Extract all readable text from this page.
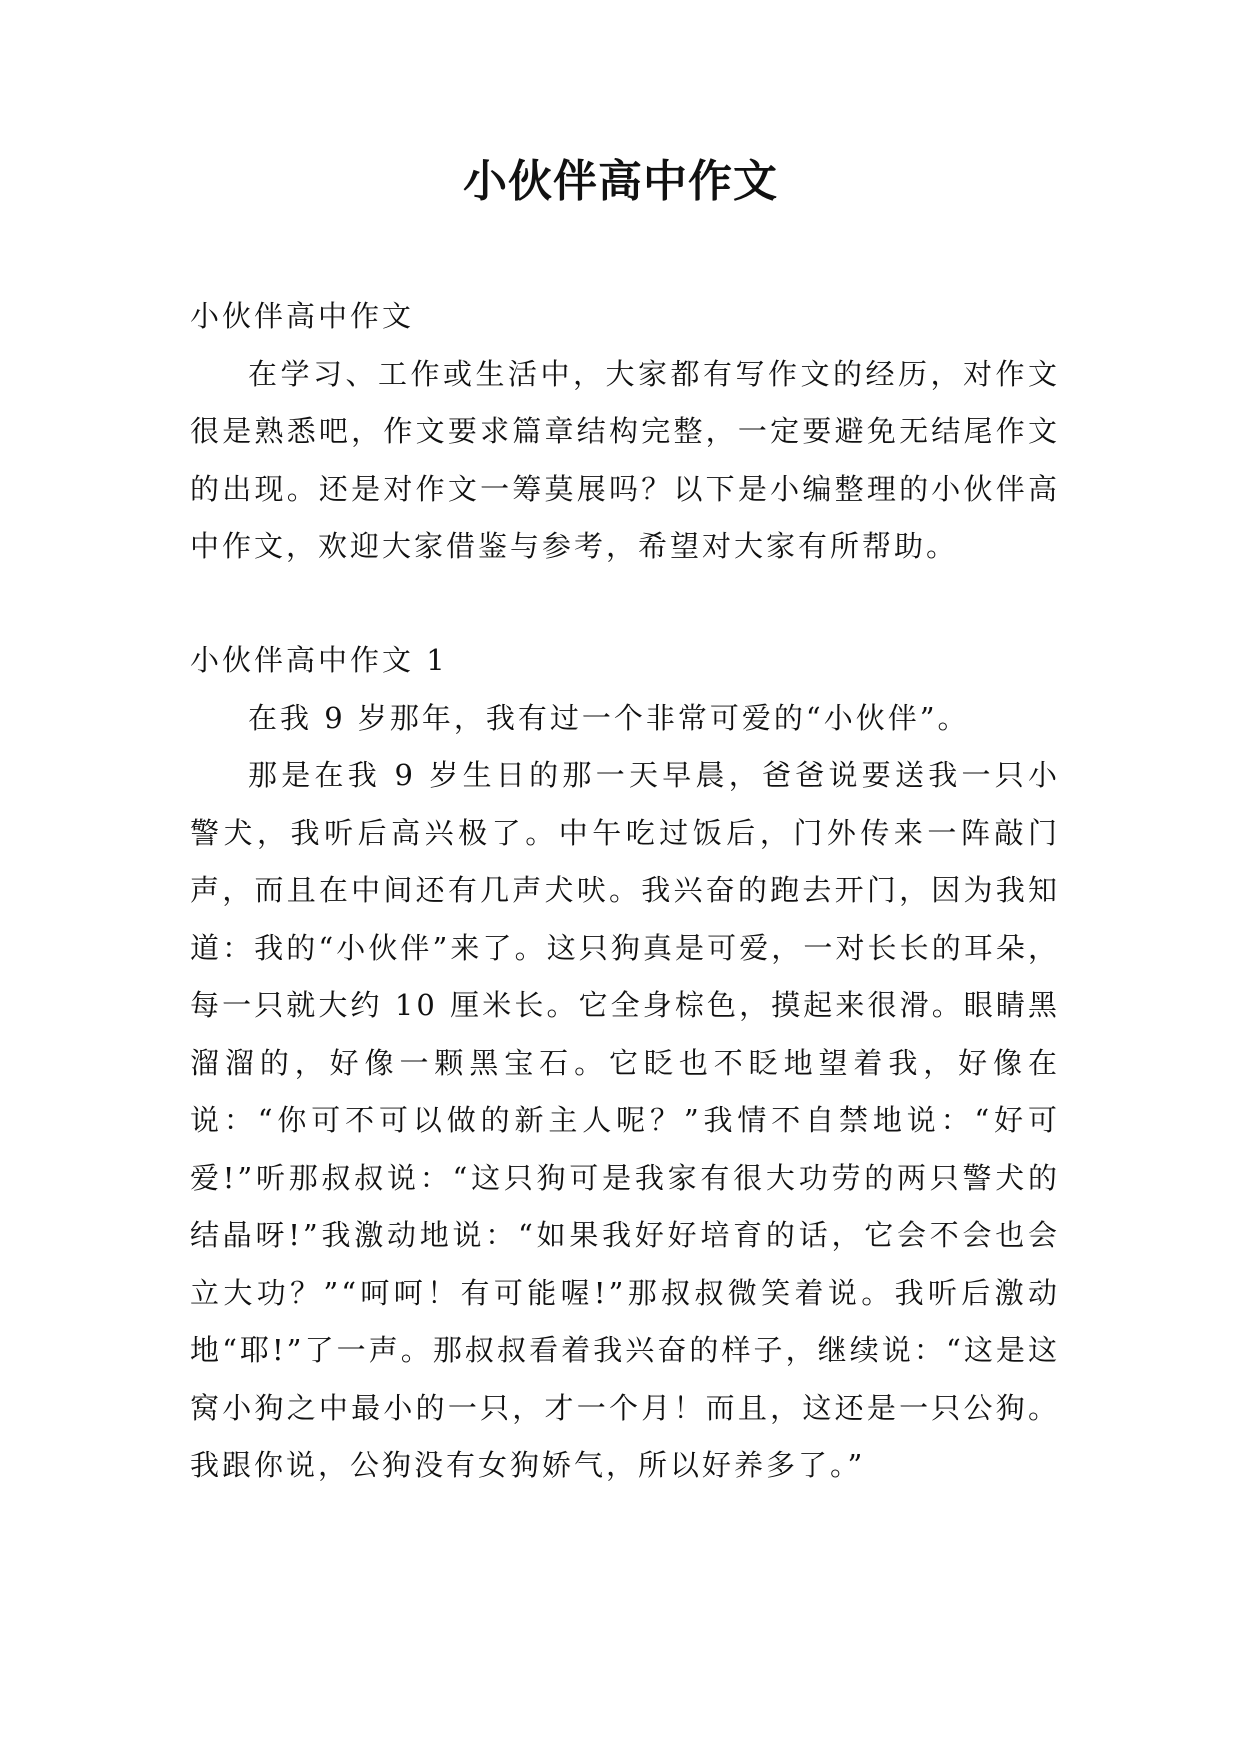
小伙伴高中作文

小伙伴高中作文

在学习、工作或生活中，大家都有写作文的经历，对作文很是熟悉吧，作文要求篇章结构完整，一定要避免无结尾作文的出现。还是对作文一筹莫展吗？以下是小编整理的小伙伴高中作文，欢迎大家借鉴与参考，希望对大家有所帮助。

小伙伴高中作文 1

在我 9 岁那年，我有过一个非常可爱的“小伙伴”。

那是在我 9 岁生日的那一天早晨，爸爸说要送我一只小警犬，我听后高兴极了。中午吃过饭后，门外传来一阵敲门声，而且在中间还有几声犬吠。我兴奋的跑去开门，因为我知道：我的“小伙伴”来了。这只狗真是可爱，一对长长的耳朵，每一只就大约 10 厘米长。它全身棕色，摸起来很滑。眼睛黑溜溜的，好像一颗黑宝石。它眨也不眨地望着我，好像在说：“你可不可以做的新主人呢？”我情不自禁地说：“好可爱!”听那叔叔说：“这只狗可是我家有很大功劳的两只警犬的结晶呀!”我激动地说：“如果我好好培育的话，它会不会也会立大功？”“呵呵！有可能喔!”那叔叔微笑着说。我听后激动地“耶!”了一声。那叔叔看着我兴奋的样子，继续说：“这是这窝小狗之中最小的一只，才一个月！而且，这还是一只公狗。我跟你说，公狗没有女狗娇气，所以好养多了。”
